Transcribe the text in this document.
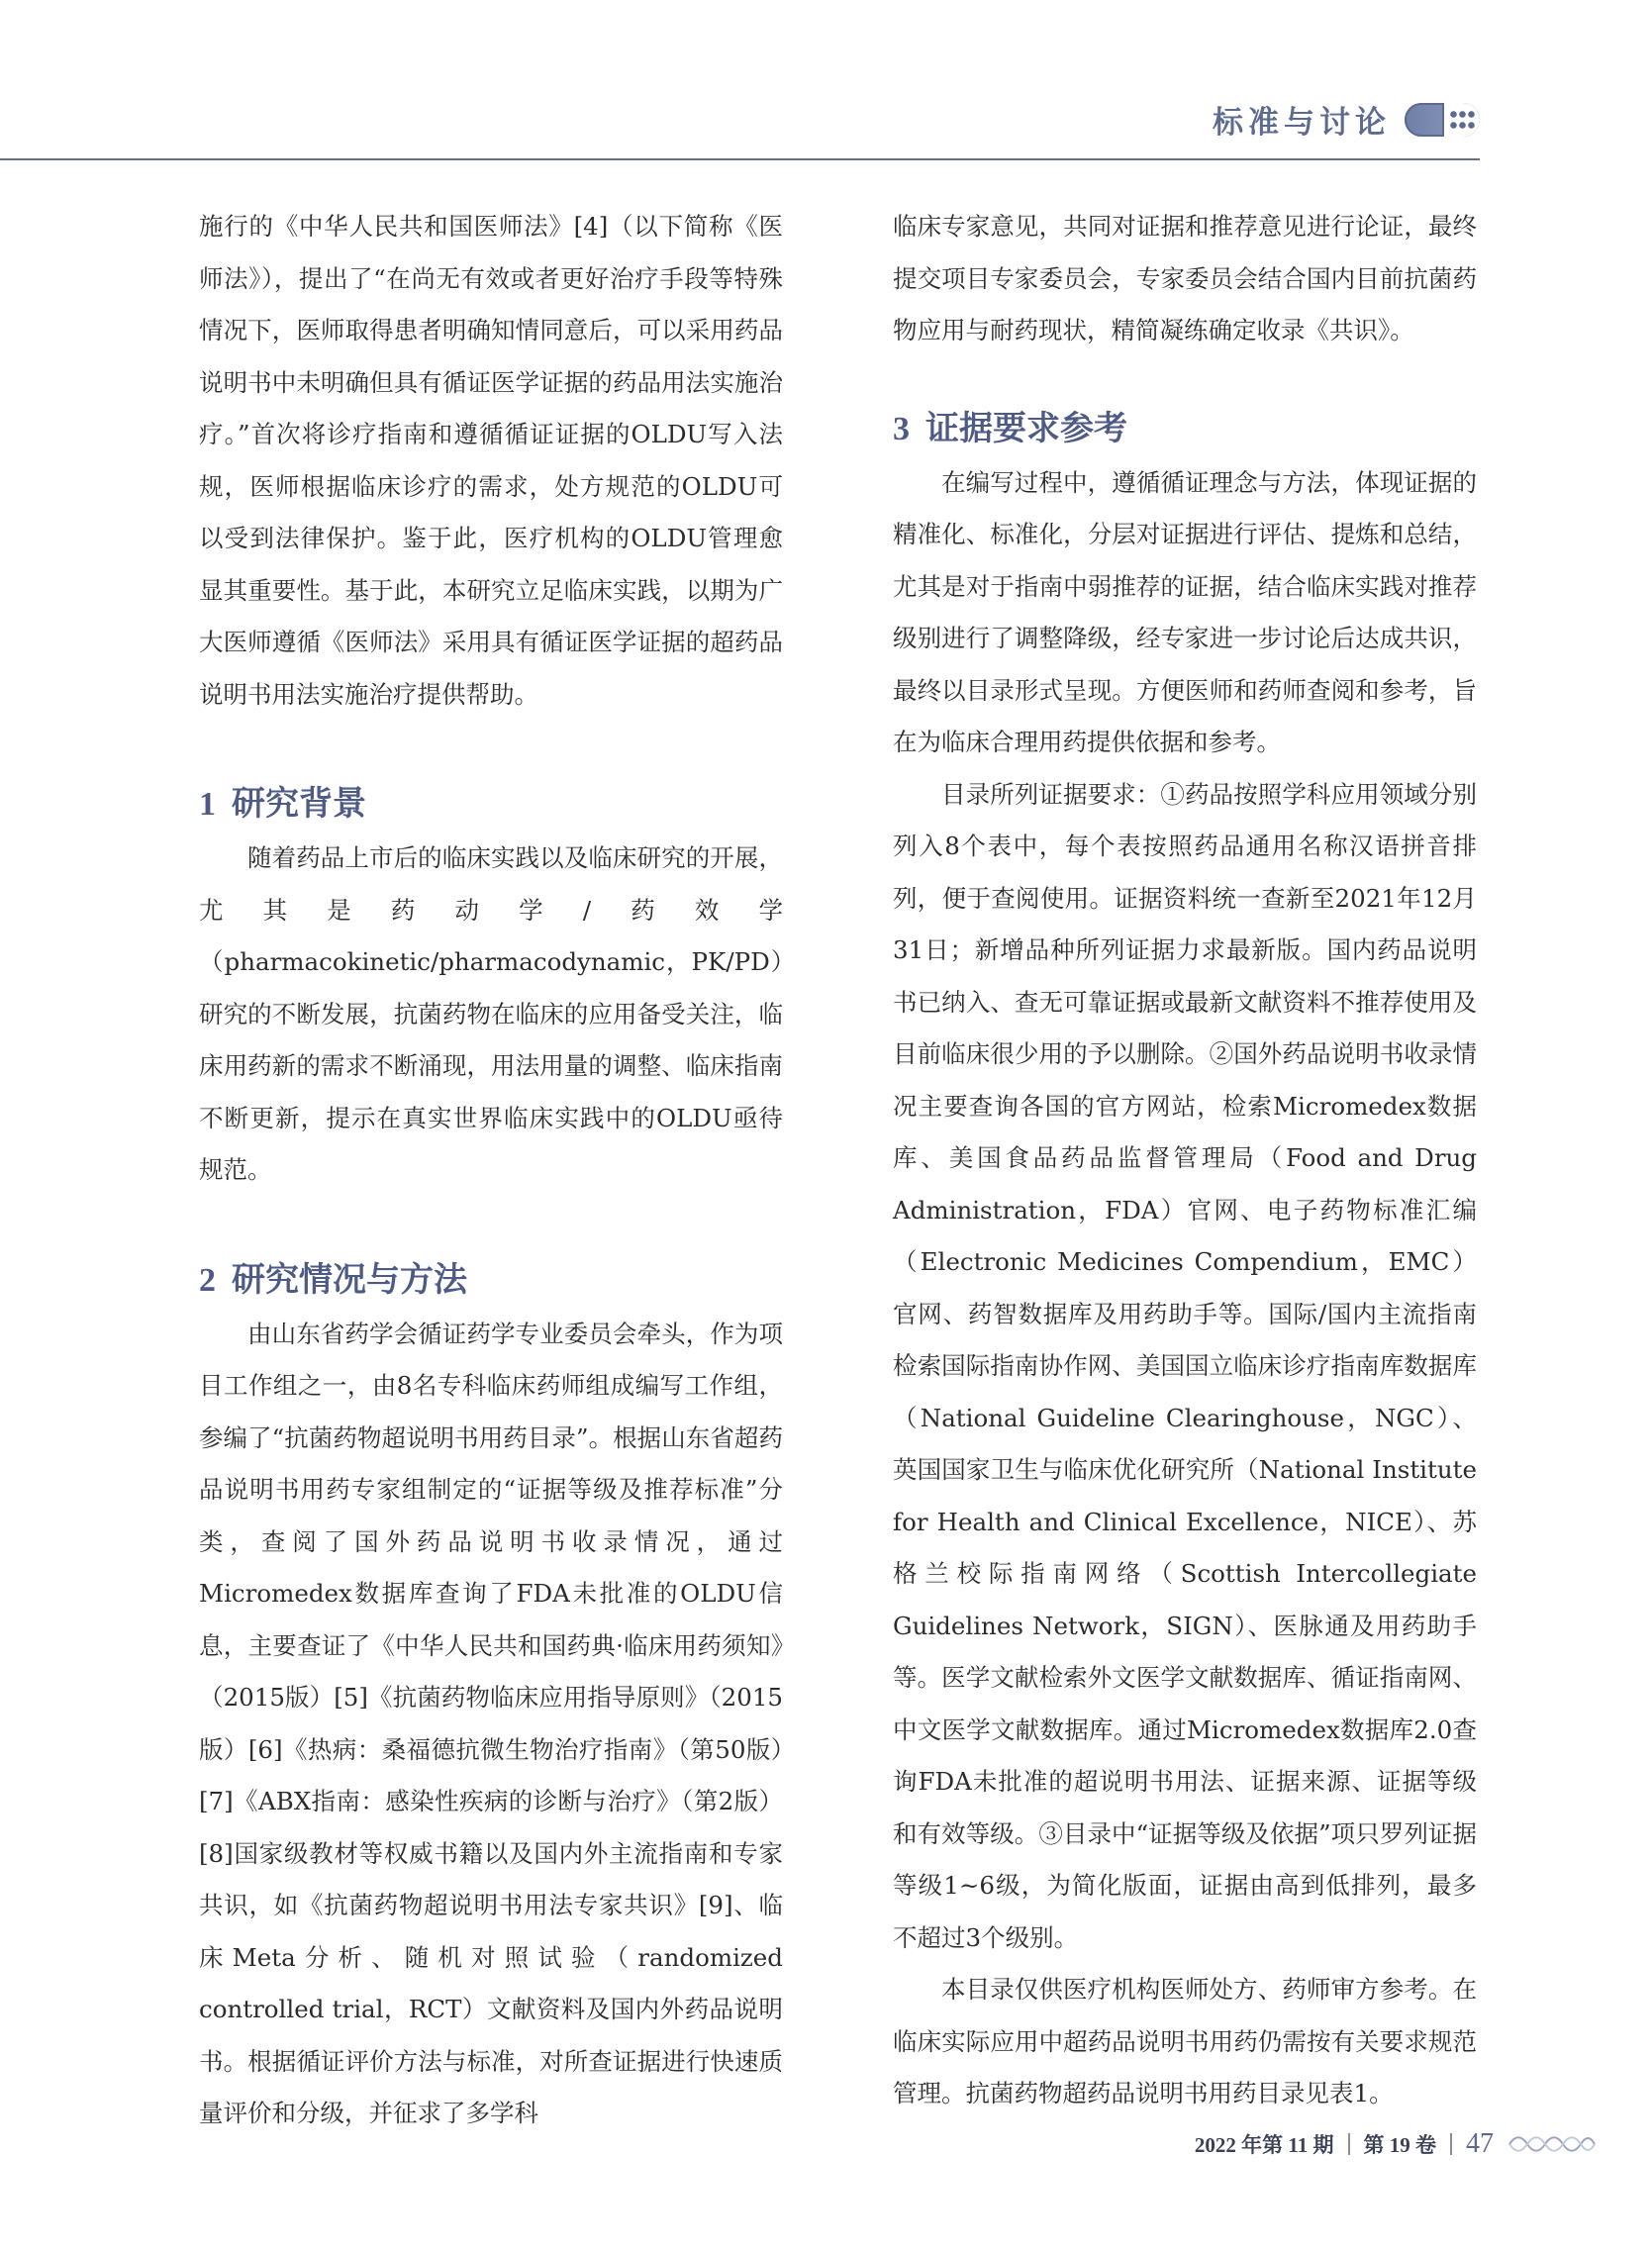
标准与讨论

施行的《中华人民共和国医师法》[4]（以下简称《医师法》），提出了“在尚无有效或者更好治疗手段等特殊情况下，医师取得患者明确知情同意后，可以采用药品说明书中未明确但具有循证医学证据的药品用法实施治疗。”首次将诊疗指南和遵循循证证据的OLDU写入法规，医师根据临床诊疗的需求，处方规范的OLDU可以受到法律保护。鉴于此，医疗机构的OLDU管理愈显其重要性。基于此，本研究立足临床实践，以期为广大医师遵循《医师法》采用具有循证医学证据的超药品说明书用法实施治疗提供帮助。

1 研究背景

随着药品上市后的临床实践以及临床研究的开展，尤其是药动学/药效学（pharmacokinetic/pharmacodynamic，PK/PD）研究的不断发展，抗菌药物在临床的应用备受关注，临床用药新的需求不断涌现，用法用量的调整、临床指南不断更新，提示在真实世界临床实践中的OLDU亟待规范。

2 研究情况与方法

由山东省药学会循证药学专业委员会牵头，作为项目工作组之一，由8名专科临床药师组成编写工作组，参编了“抗菌药物超说明书用药目录”。根据山东省超药品说明书用药专家组制定的“证据等级及推荐标准”分类，查阅了国外药品说明书收录情况，通过Micromedex数据库查询了FDA未批准的OLDU信息，主要查证了《中华人民共和国药典·临床用药须知》（2015版）[5]《抗菌药物临床应用指导原则》（2015版）[6]《热病：桑福德抗微生物治疗指南》（第50版）[7]《ABX指南：感染性疾病的诊断与治疗》（第2版）[8]国家级教材等权威书籍以及国内外主流指南和专家共识，如《抗菌药物超说明书用法专家共识》[9]、临床Meta分析、随机对照试验（randomized controlled trial，RCT）文献资料及国内外药品说明书。根据循证评价方法与标准，对所查证据进行快速质量评价和分级，并征求了多学科

临床专家意见，共同对证据和推荐意见进行论证，最终提交项目专家委员会，专家委员会结合国内目前抗菌药物应用与耐药现状，精简凝练确定收录《共识》。

3 证据要求参考

在编写过程中，遵循循证理念与方法，体现证据的精准化、标准化，分层对证据进行评估、提炼和总结，尤其是对于指南中弱推荐的证据，结合临床实践对推荐级别进行了调整降级，经专家进一步讨论后达成共识，最终以目录形式呈现。方便医师和药师查阅和参考，旨在为临床合理用药提供依据和参考。

目录所列证据要求：①药品按照学科应用领域分别列入8个表中，每个表按照药品通用名称汉语拼音排列，便于查阅使用。证据资料统一查新至2021年12月31日；新增品种所列证据力求最新版。国内药品说明书已纳入、查无可靠证据或最新文献资料不推荐使用及目前临床很少用的予以删除。②国外药品说明书收录情况主要查询各国的官方网站，检索Micromedex数据库、美国食品药品监督管理局（Food and Drug Administration，FDA）官网、电子药物标准汇编（Electronic Medicines Compendium，EMC）官网、药智数据库及用药助手等。国际/国内主流指南检索国际指南协作网、美国国立临床诊疗指南库数据库（National Guideline Clearinghouse，NGC）、英国国家卫生与临床优化研究所（National Institute for Health and Clinical Excellence，NICE）、苏格兰校际指南网络（Scottish Intercollegiate Guidelines Network，SIGN）、医脉通及用药助手等。医学文献检索外文医学文献数据库、循证指南网、中文医学文献数据库。通过Micromedex数据库2.0查询FDA未批准的超说明书用法、证据来源、证据等级和有效等级。③目录中“证据等级及依据”项只罗列证据等级1~6级，为简化版面，证据由高到低排列，最多不超过3个级别。

本目录仅供医疗机构医师处方、药师审方参考。在临床实际应用中超药品说明书用药仍需按有关要求规范管理。抗菌药物超药品说明书用药目录见表1。

2022 年第 11 期 第 19 卷 47
